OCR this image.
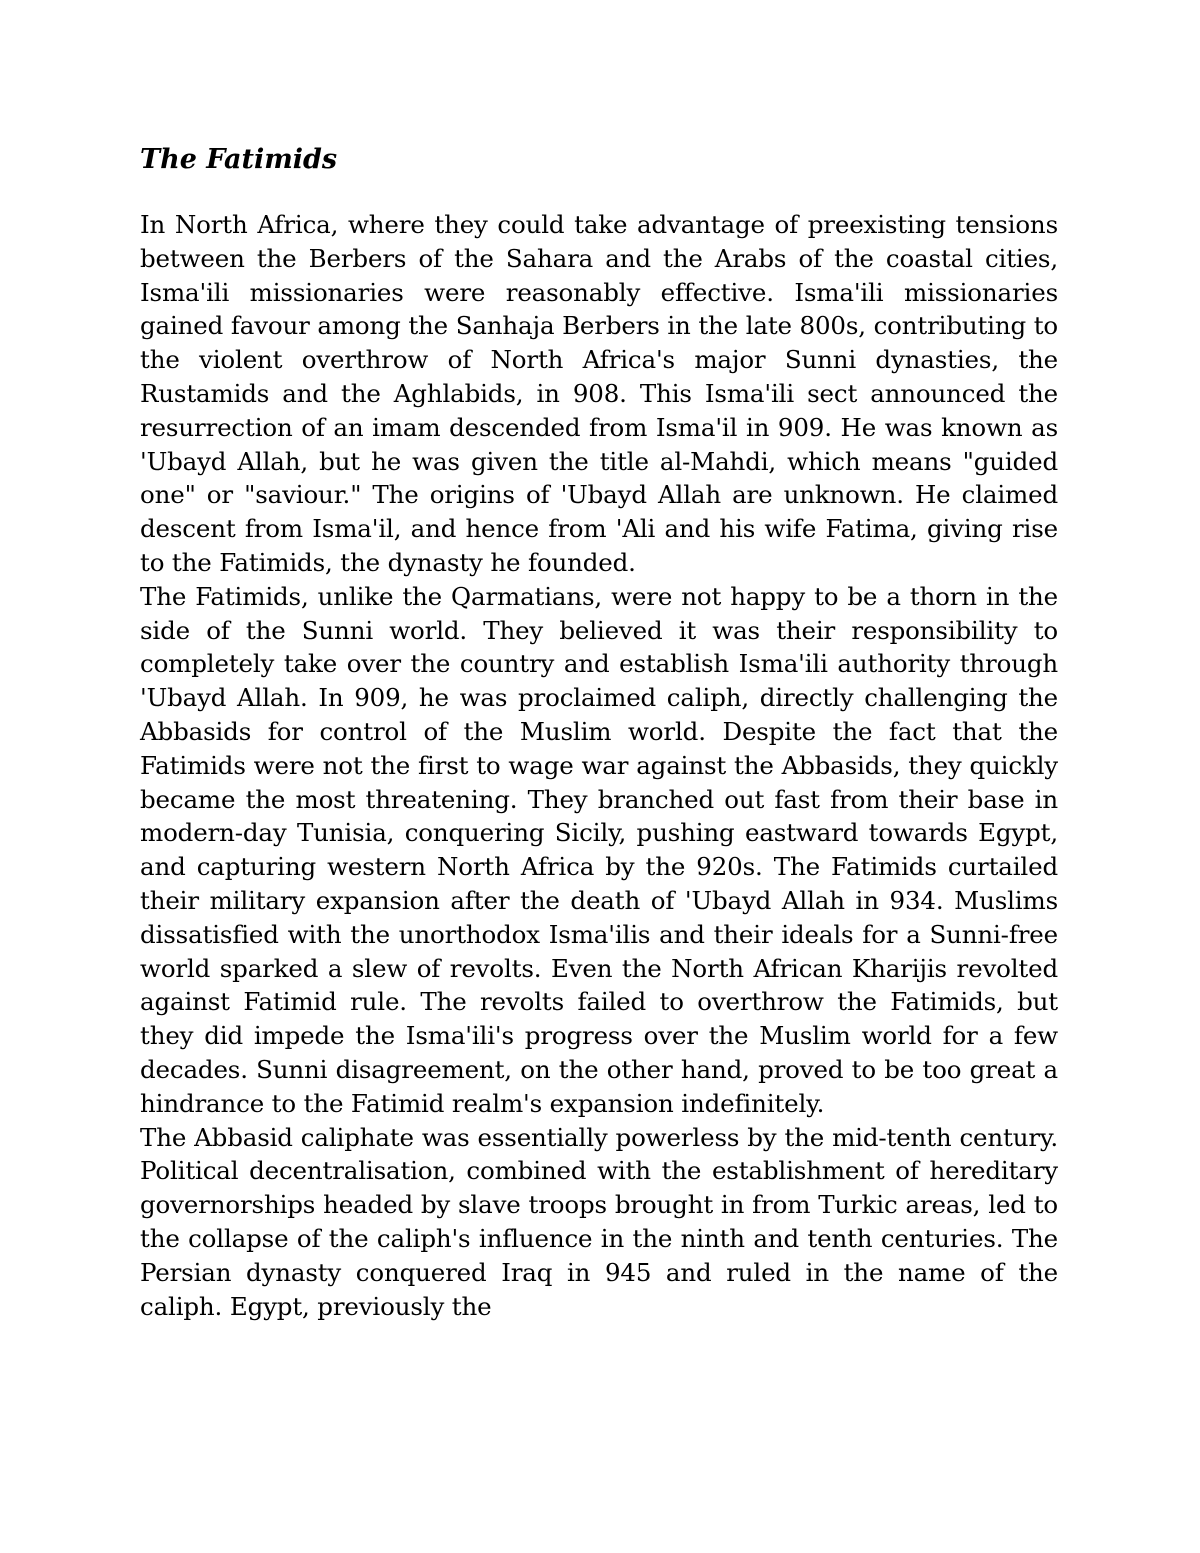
The Fatimids

In North Africa, where they could take advantage of preexisting tensions between the Berbers of the Sahara and the Arabs of the coastal cities, Isma'ili missionaries were reasonably effective. Isma'ili missionaries gained favour among the Sanhaja Berbers in the late 800s, contributing to the violent overthrow of North Africa's major Sunni dynasties, the Rustamids and the Aghlabids, in 908. This Isma'ili sect announced the resurrection of an imam descended from Isma'il in 909. He was known as 'Ubayd Allah, but he was given the title al-Mahdi, which means "guided one" or "saviour." The origins of 'Ubayd Allah are unknown. He claimed descent from Isma'il, and hence from 'Ali and his wife Fatima, giving rise to the Fatimids, the dynasty he founded.

The Fatimids, unlike the Qarmatians, were not happy to be a thorn in the side of the Sunni world. They believed it was their responsibility to completely take over the country and establish Isma'ili authority through 'Ubayd Allah. In 909, he was proclaimed caliph, directly challenging the Abbasids for control of the Muslim world. Despite the fact that the Fatimids were not the first to wage war against the Abbasids, they quickly became the most threatening. They branched out fast from their base in modern-day Tunisia, conquering Sicily, pushing eastward towards Egypt, and capturing western North Africa by the 920s. The Fatimids curtailed their military expansion after the death of 'Ubayd Allah in 934. Muslims dissatisfied with the unorthodox Isma'ilis and their ideals for a Sunni-free world sparked a slew of revolts. Even the North African Kharijis revolted against Fatimid rule. The revolts failed to overthrow the Fatimids, but they did impede the Isma'ili's progress over the Muslim world for a few decades. Sunni disagreement, on the other hand, proved to be too great a hindrance to the Fatimid realm's expansion indefinitely.

The Abbasid caliphate was essentially powerless by the mid-tenth century. Political decentralisation, combined with the establishment of hereditary governorships headed by slave troops brought in from Turkic areas, led to the collapse of the caliph's influence in the ninth and tenth centuries. The Persian dynasty conquered Iraq in 945 and ruled in the name of the caliph. Egypt, previously the
